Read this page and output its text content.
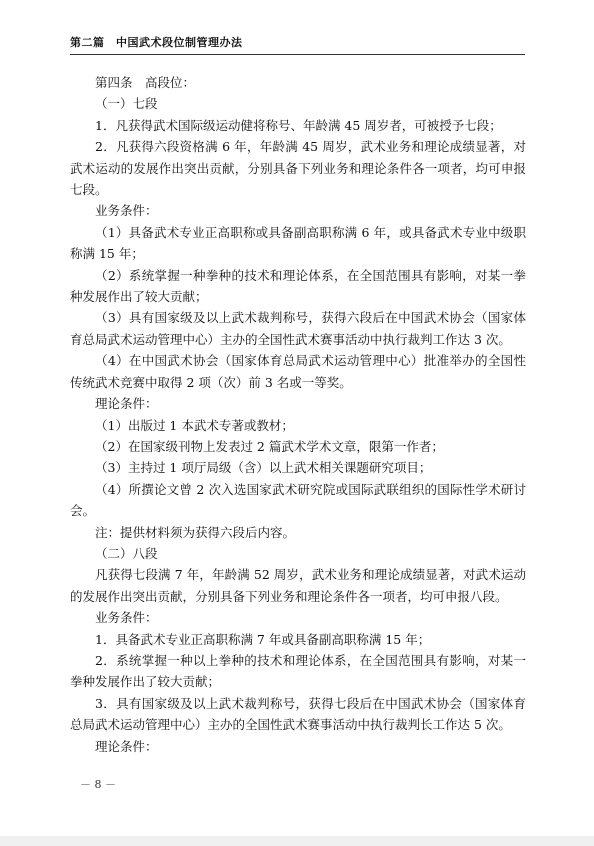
第二篇　中国武术段位制管理办法

第四条　高段位：

（一）七段

1．凡获得武术国际级运动健将称号、年龄满 45 周岁者，可被授予七段；

2．凡获得六段资格满 6 年，年龄满 45 周岁，武术业务和理论成绩显著，对武术运动的发展作出突出贡献，分别具备下列业务和理论条件各一项者，均可申报七段。

业务条件：

（1）具备武术专业正高职称或具备副高职称满 6 年，或具备武术专业中级职称满 15 年；

（2）系统掌握一种拳种的技术和理论体系，在全国范围具有影响，对某一拳种发展作出了较大贡献；

（3）具有国家级及以上武术裁判称号，获得六段后在中国武术协会（国家体育总局武术运动管理中心）主办的全国性武术赛事活动中执行裁判工作达 3 次。

（4）在中国武术协会（国家体育总局武术运动管理中心）批准举办的全国性传统武术竞赛中取得 2 项（次）前 3 名或一等奖。

理论条件：

（1）出版过 1 本武术专著或教材；

（2）在国家级刊物上发表过 2 篇武术学术文章，限第一作者；

（3）主持过 1 项厅局级（含）以上武术相关课题研究项目；

（4）所撰论文曾 2 次入选国家武术研究院或国际武联组织的国际性学术研讨会。

注：提供材料须为获得六段后内容。

（二）八段

凡获得七段满 7 年，年龄满 52 周岁，武术业务和理论成绩显著，对武术运动的发展作出突出贡献，分别具备下列业务和理论条件各一项者，均可申报八段。

业务条件：

1．具备武术专业正高职称满 7 年或具备副高职称满 15 年；

2．系统掌握一种以上拳种的技术和理论体系，在全国范围具有影响，对某一拳种发展作出了较大贡献；

3．具有国家级及以上武术裁判称号，获得七段后在中国武术协会（国家体育总局武术运动管理中心）主办的全国性武术赛事活动中执行裁判长工作达 5 次。

理论条件：

－ 8 －
